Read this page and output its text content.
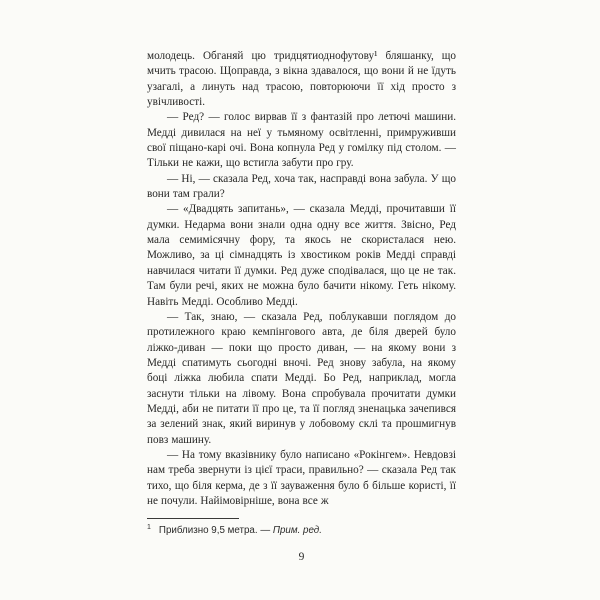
молодець. Обганяй цю тридцятиоднофутову¹ бляшанку, що мчить трасою. Щоправда, з вікна здавалося, що вони й не їдуть узагалі, а линуть над трасою, повторюючи її хід просто з увічливості.

— Ред? — голос вирвав її з фантазій про летючі машини. Медді дивилася на неї у тьмяному освітленні, примруживши свої піщано-карі очі. Вона копнула Ред у гомілку під столом. — Тільки не кажи, що встигла забути про гру.

— Ні, — сказала Ред, хоча так, насправді вона забула. У що вони там грали?

— «Двадцять запитань», — сказала Медді, прочитавши її думки. Недарма вони знали одна одну все життя. Звісно, Ред мала семимісячну фору, та якось не скористалася нею. Можливо, за ці сімнадцять із хвостиком років Медді справді навчилася читати її думки. Ред дуже сподівалася, що це не так. Там були речі, яких не можна було бачити нікому. Геть нікому. Навіть Медді. Особливо Медді.

— Так, знаю, — сказала Ред, поблукавши поглядом до протилежного краю кемпінгового авта, де біля дверей було ліжко-диван — поки що просто диван, — на якому вони з Медді спатимуть сьогодні вночі. Ред знову забула, на якому боці ліжка любила спати Медді. Бо Ред, наприклад, могла заснути тільки на лівому. Вона спробувала прочитати думки Медді, аби не питати її про це, та її погляд зненацька зачепився за зелений знак, який виринув у лобовому склі та прошмигнув повз машину.

— На тому вказівнику було написано «Рокінгем». Невдовзі нам треба звернути із цієї траси, правильно? — сказала Ред так тихо, що біля керма, де з її зауваження було б більше користі, її не почули. Найімовірніше, вона все ж

$^1$ Приблизно 9,5 метра. — Прим. ред.

9
